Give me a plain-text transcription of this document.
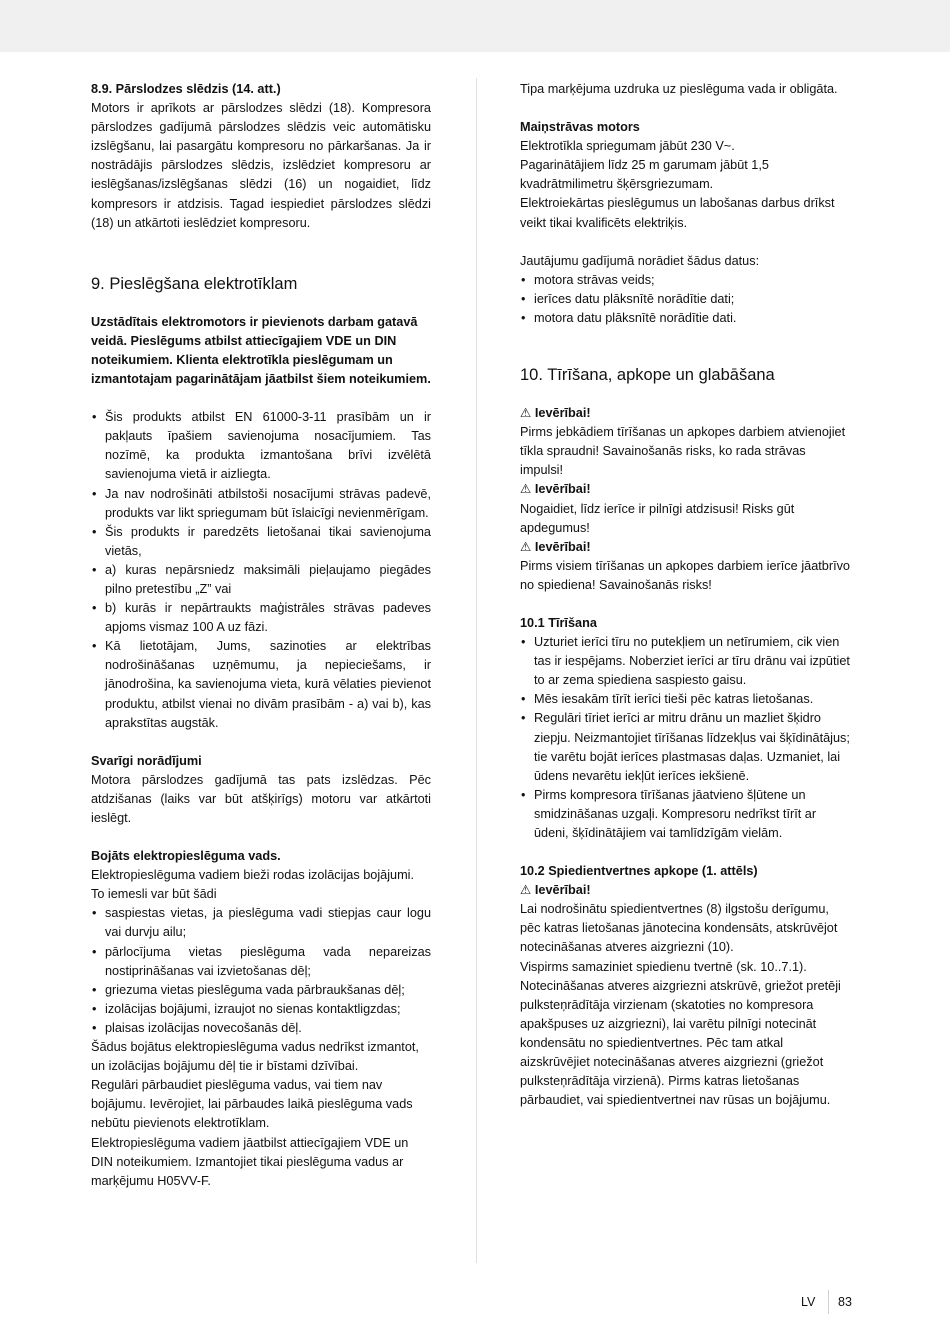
8.9. Pārslodzes slēdzis (14. att.)

Motors ir aprīkots ar pārslodzes slēdzi (18). Kompresora pārslodzes gadījumā pārslodzes slēdzis veic automātisku izslēgšanu, lai pasargātu kompresoru no pārkaršanas. Ja ir nostrādājis pārslodzes slēdzis, izslēdziet kompresoru ar ieslēgšanas/izslēgšanas slēdzi (16) un nogaidiet, līdz kompresors ir atdzisis. Tagad iespiediet pārslodzes slēdzi (18) un atkārtoti ieslēdziet kompresoru.

9. Pieslēgšana elektrotīklam

Uzstādītais elektromotors ir pievienots darbam gatavā veidā. Pieslēgums atbilst attiecīgajiem VDE un DIN noteikumiem. Klienta elektrotīkla pieslēgumam un izmantotajam pagarinātājam jāatbilst šiem noteikumiem.

• Šis produkts atbilst EN 61000-3-11 prasībām un ir pakļauts īpašiem savienojuma nosacījumiem. Tas nozīmē, ka produkta izmantošana brīvi izvēlētā savienojuma vietā ir aizliegta.
• Ja nav nodrošināti atbilstoši nosacījumi strāvas padevē, produkts var likt spriegumam būt īslaicīgi nevienmērīgam.
• Šis produkts ir paredzēts lietošanai tikai savienojuma vietās,
• a) kuras nepārsniedz maksimāli pieļaujamo piegādes pilno pretestību „Z” vai
• b) kurās ir nepārtraukts maģistrāles strāvas padeves apjoms vismaz 100 A uz fāzi.
• Kā lietotājam, Jums, sazinoties ar elektrības nodrošināšanas uzņēmumu, ja nepieciešams, ir jānodrošina, ka savienojuma vieta, kurā vēlaties pievienot produktu, atbilst vienai no divām prasībām - a) vai b), kas aprakstītas augstāk.

Svarīgi norādījumi

Motora pārslodzes gadījumā tas pats izslēdzas. Pēc atdzišanas (laiks var būt atšķirīgs) motoru var atkārtoti ieslēgt.

Bojāts elektropieslēguma vads.

Elektropieslēguma vadiem bieži rodas izolācijas bojājumi.

To iemesli var būt šādi

• saspiestas vietas, ja pieslēguma vadi stiepjas caur logu vai durvju ailu;
• pārlocījuma vietas pieslēguma vada nepareizas nostiprināšanas vai izvietošanas dēļ;
• griezuma vietas pieslēguma vada pārbraukšanas dēļ;
• izolācijas bojājumi, izraujot no sienas kontaktligzdas;
• plaisas izolācijas novecošanās dēļ.

Šādus bojātus elektropieslēguma vadus nedrīkst izmantot, un izolācijas bojājumu dēļ tie ir bīstami dzīvībai.

Regulāri pārbaudiet pieslēguma vadus, vai tiem nav bojājumu. Ievērojiet, lai pārbaudes laikā pieslēguma vads nebūtu pievienots elektrotīklam.

Elektropieslēguma vadiem jāatbilst attiecīgajiem VDE un DIN noteikumiem. Izmantojiet tikai pieslēguma vadus ar marķējumu H05VV-F.

Tipa marķējuma uzdruka uz pieslēguma vada ir obligāta.

Maiņstrāvas motors

Elektrotīkla spriegumam jābūt 230 V~.

Pagarinātājiem līdz 25 m garumam jābūt 1,5 kvadrātmilimetru šķērsgriezumam.

Elektroiekārtas pieslēgumus un labošanas darbus drīkst veikt tikai kvalificēts elektriķis.

Jautājumu gadījumā norādiet šādus datus:

• motora strāvas veids;
• ierīces datu plāksnītē norādītie dati;
• motora datu plāksnītē norādītie dati.

10. Tīrīšana, apkope un glabāšana

⚠ Ievērībai!

Pirms jebkādiem tīrīšanas un apkopes darbiem atvienojiet tīkla spraudni! Savainošanās risks, ko rada strāvas impulsi!

⚠ Ievērībai!

Nogaidiet, līdz ierīce ir pilnīgi atdzisusi! Risks gūt apdegumus!

⚠ Ievērībai!

Pirms visiem tīrīšanas un apkopes darbiem ierīce jāatbrīvo no spiediena! Savainošanās risks!

10.1 Tīrīšana

• Uzturiet ierīci tīru no putekļiem un netīrumiem, cik vien tas ir iespējams. Noberziet ierīci ar tīru drānu vai izpūtiet to ar zema spiediena saspiesto gaisu.
• Mēs iesakām tīrīt ierīci tieši pēc katras lietošanas.
• Regulāri tīriet ierīci ar mitru drānu un mazliet šķidro ziepju. Neizmantojiet tīrīšanas līdzekļus vai šķīdinātājus; tie varētu bojāt ierīces plastmasas daļas. Uzmaniet, lai ūdens nevarētu iekļūt ierīces iekšienē.
• Pirms kompresora tīrīšanas jāatvieno šļūtene un smidzināšanas uzgaļi. Kompresoru nedrīkst tīrīt ar ūdeni, šķīdinātājiem vai tamlīdzīgām vielām.

10.2 Spiedientvertnes apkope (1. attēls)

⚠ Ievērībai!

Lai nodrošinātu spiedientvertnes (8) ilgstošu derīgumu, pēc katras lietošanas jānotecina kondensāts, atskrūvējot notecināšanas atveres aizgriezni (10).

Vispirms samaziniet spiedienu tvertnē (sk. 10..7.1). Notecināšanas atveres aizgriezni atskrūvē, griežot pretēji pulksteņrādītāja virzienam (skatoties no kompresora apakšpuses uz aizgriezni), lai varētu pilnīgi notecināt kondensātu no spiedientvertnes. Pēc tam atkal aizskrūvējiet notecināšanas atveres aizgriezni (griežot pulksteņrādītāja virzienā). Pirms katras lietošanas pārbaudiet, vai spiedientvertnei nav rūsas un bojājumu.

LV 83
